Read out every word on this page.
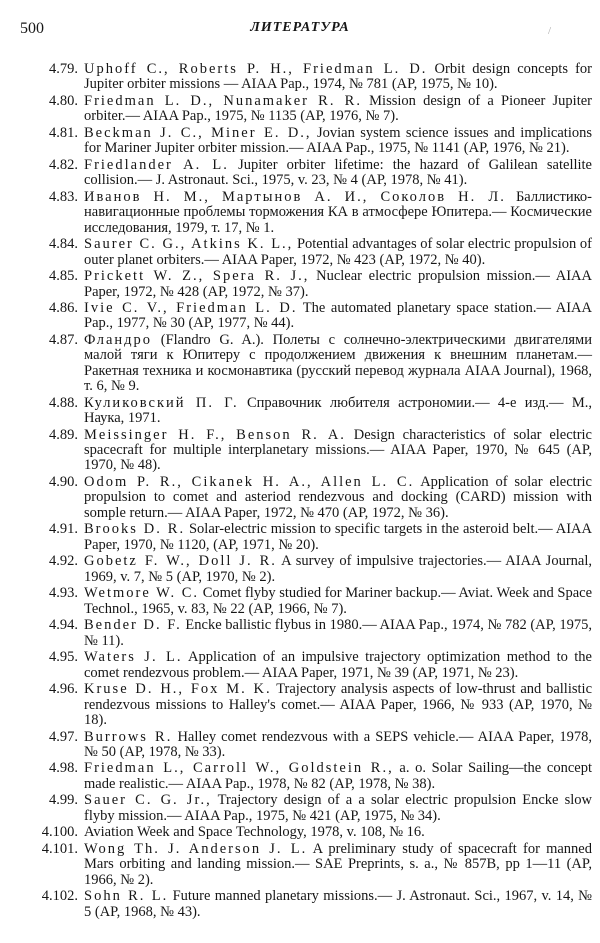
500	ЛИТЕРАТУРА	/
4.79. Uphoff C., Roberts P. H., Friedman L. D. Orbit design concepts for Jupiter orbiter missions — AIAA Pap., 1974, № 781 (AP, 1975, № 10).
4.80. Friedman L. D., Nunamaker R. R. Mission design of a Pioneer Jupiter orbiter.— AIAA Pap., 1975, № 1135 (AP, 1976, № 7).
4.81. Beckman J. C., Miner E. D., Jovian system science issues and implications for Mariner Jupiter orbiter mission.— AIAA Pap., 1975, № 1141 (AP, 1976, № 21).
4.82. Friedlander A. L. Jupiter orbiter lifetime: the hazard of Galilean satellite collision.— J. Astronaut. Sci., 1975, v. 23, № 4 (AP, 1978, № 41).
4.83. Иванов Н. М., Мартынов А. И., Соколов Н. Л. Баллистико-навигационные проблемы торможения КА в атмосфере Юпитера.— Космические исследования, 1979, т. 17, № 1.
4.84. Saurer C. G., Atkins K. L., Potential advantages of solar electric propulsion of outer planet orbiters.— AIAA Paper, 1972, № 423 (AP, 1972, № 40).
4.85. Prickett W. Z., Spera R. J., Nuclear electric propulsion mission.— AIAA Paper, 1972, № 428 (AP, 1972, № 37).
4.86. Ivie C. V., Friedman L. D. The automated planetary space station.— AIAA Pap., 1977, № 30 (AP, 1977, № 44).
4.87. Фландро (Flandro G. A.). Полеты с солнечно-электрическими двигателями малой тяги к Юпитеру с продолжением движения к внешним планетам.— Ракетная техника и космонавтика (русский перевод журнала AIAA Journal), 1968, т. 6, № 9.
4.88. Куликовский П. Г. Справочник любителя астрономии.— 4-е изд.— М., Наука, 1971.
4.89. Meissinger H. F., Benson R. A. Design characteristics of solar electric spacecraft for multiple interplanetary missions.— AIAA Paper, 1970, № 645 (AP, 1970, № 48).
4.90. Odom P. R., Cikanek H. A., Allen L. C. Application of solar electric propulsion to comet and asteriod rendezvous and docking (CARD) mission with somple return.— AIAA Paper, 1972, № 470 (AP, 1972, № 36).
4.91. Brooks D. R. Solar-electric mission to specific targets in the asteroid belt.— AIAA Paper, 1970, № 1120, (AP, 1971, № 20).
4.92. Gobetz F. W., Doll J. R. A survey of impulsive trajectories.— AIAA Journal, 1969, v. 7, № 5 (AP, 1970, № 2).
4.93. Wetmore W. C. Comet flyby studied for Mariner backup.— Aviat. Week and Space Technol., 1965, v. 83, № 22 (AP, 1966, № 7).
4.94. Bender D. F. Encke ballistic flybus in 1980.— AIAA Pap., 1974, № 782 (AP, 1975, № 11).
4.95. Waters J. L. Application of an impulsive trajectory optimization method to the comet rendezvous problem.— AIAA Paper, 1971, № 39 (AP, 1971, № 23).
4.96. Kruse D. H., Fox M. K. Trajectory analysis aspects of low-thrust and ballistic rendezvous missions to Halley's comet.— AIAA Paper, 1966, № 933 (AP, 1970, № 18).
4.97. Burrows R. Halley comet rendezvous with a SEPS vehicle.— AIAA Paper, 1978, № 50 (AP, 1978, № 33).
4.98. Friedman L., Carroll W., Goldstein R., a. o. Solar Sailing—the concept made realistic.— AIAA Pap., 1978, № 82 (AP, 1978, № 38).
4.99. Sauer C. G. Jr., Trajectory design of a a solar electric propulsion Encke slow flyby mission.— AIAA Pap., 1975, № 421 (AP, 1975, № 34).
4.100. Aviation Week and Space Technology, 1978, v. 108, № 16.
4.101. Wong Th. J. Anderson J. L. A preliminary study of spacecraft for manned Mars orbiting and landing mission.— SAE Preprints, s. a., № 857B, pp 1—11 (AP, 1966, № 2).
4.102. Sohn R. L. Future manned planetary missions.— J. Astronaut. Sci., 1967, v. 14, № 5 (AP, 1968, № 43).
